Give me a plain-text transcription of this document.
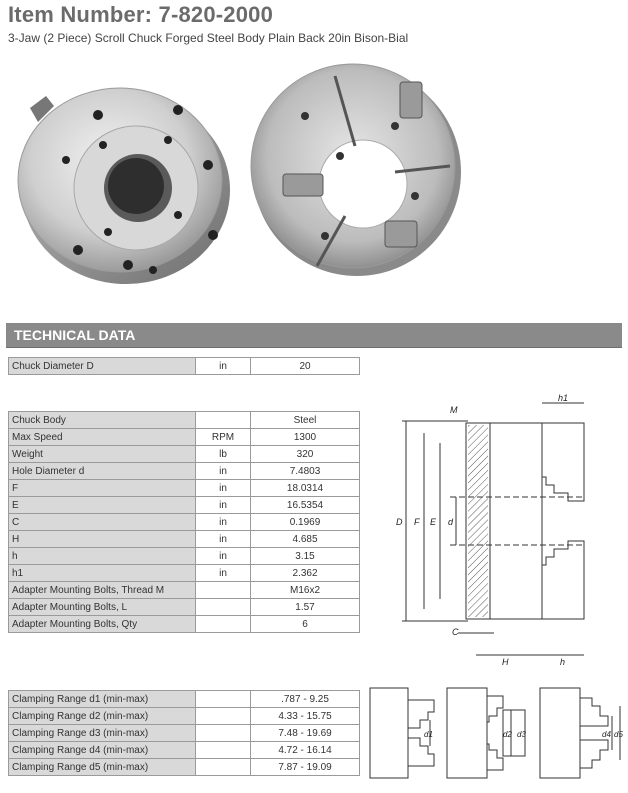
Item Number: 7-820-2000
3-Jaw (2 Piece) Scroll Chuck Forged Steel Body Plain Back 20in Bison-Bial
TECHNICAL DATA
Chuck Diameter D	in	20
Chuck Body		Steel
Max Speed	RPM	1300
Weight	lb	320
Hole Diameter d	in	7.4803
F	in	18.0314
E	in	16.5354
C	in	0.1969
H	in	4.685
h	in	3.15
h1	in	2.362
Adapter Mounting Bolts, Thread M		M16x2
Adapter Mounting Bolts, L		1.57
Adapter Mounting Bolts, Qty		6
Clamping Range d1 (min-max)		.787 - 9.25
Clamping Range d2 (min-max)		4.33 - 15.75
Clamping Range d3 (min-max)		7.48 - 19.69
Clamping Range d4 (min-max)		4.72 - 16.14
Clamping Range d5 (min-max)		7.87 - 19.09
M
h1
D F E d
C
H	h
d1	d2 d3	d4 d5
